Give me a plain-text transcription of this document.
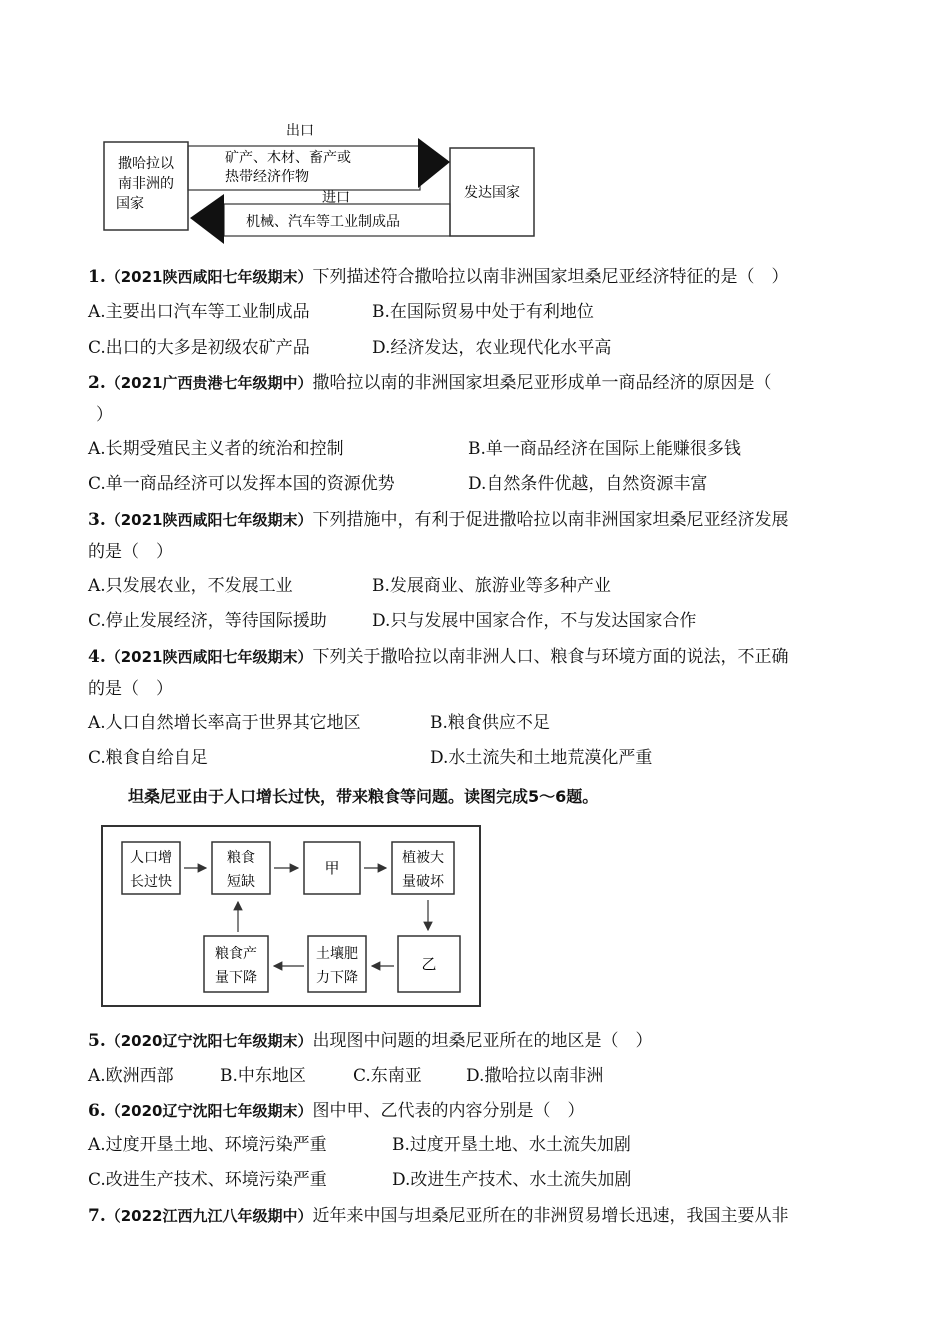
出口
矿产、木材、畜产或
热带经济作物
进口
机械、汽车等工业制成品
撒哈拉以
南非洲的
国家
发达国家
1.（2021陕西咸阳七年级期末）下列描述符合撒哈拉以南非洲国家坦桑尼亚经济特征的是（　）
A.主要出口汽车等工业制成品	B.在国际贸易中处于有利地位
C.出口的大多是初级农矿产品	D.经济发达，农业现代化水平高
2.（2021广西贵港七年级期中）撒哈拉以南的非洲国家坦桑尼亚形成单一商品经济的原因是（
）
A.长期受殖民主义者的统治和控制	B.单一商品经济在国际上能赚很多钱
C.单一商品经济可以发挥本国的资源优势	D.自然条件优越，自然资源丰富
3.（2021陕西咸阳七年级期末）下列措施中，有利于促进撒哈拉以南非洲国家坦桑尼亚经济发展
的是（　）
A.只发展农业，不发展工业	B.发展商业、旅游业等多种产业
C.停止发展经济，等待国际援助	D.只与发展中国家合作，不与发达国家合作
4.（2021陕西咸阳七年级期末）下列关于撒哈拉以南非洲人口、粮食与环境方面的说法，不正确
的是（　）
A.人口自然增长率高于世界其它地区	B.粮食供应不足
C.粮食自给自足	D.水土流失和土地荒漠化严重
坦桑尼亚由于人口增长过快，带来粮食等问题。读图完成5～6题。
人口增
长过快
粮食
短缺
甲
植被大
量破坏
乙
土壤肥
力下降
粮食产
量下降
5.（2020辽宁沈阳七年级期末）出现图中问题的坦桑尼亚所在的地区是（　）
A.欧洲西部	B.中东地区	C.东南亚	D.撒哈拉以南非洲
6.（2020辽宁沈阳七年级期末）图中甲、乙代表的内容分别是（　）
A.过度开垦土地、环境污染严重	B.过度开垦土地、水土流失加剧
C.改进生产技术、环境污染严重	D.改进生产技术、水土流失加剧
7.（2022江西九江八年级期中）近年来中国与坦桑尼亚所在的非洲贸易增长迅速，我国主要从非
